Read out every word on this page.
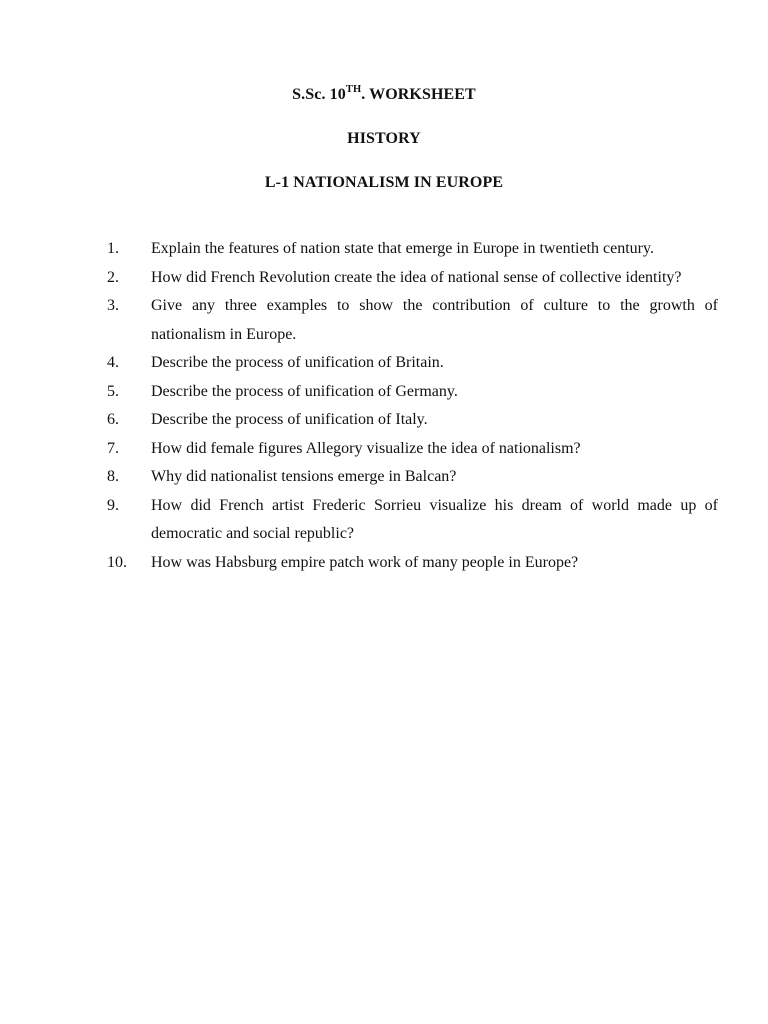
S.Sc. 10TH. WORKSHEET
HISTORY
L-1 NATIONALISM IN EUROPE
1.	Explain the features of nation state that emerge in Europe in twentieth century.
2.	How did French Revolution create the idea of national sense of collective identity?
3.	Give any three examples to show the contribution of culture to the growth of nationalism in Europe.
4.	Describe the process of unification of Britain.
5.	Describe the process of unification of Germany.
6.	Describe the process of unification of Italy.
7.	How did female figures Allegory visualize the idea of nationalism?
8.	Why did nationalist tensions emerge in Balcan?
9.	How did French artist Frederic Sorrieu visualize his dream of world made up of democratic and social republic?
10.	How was Habsburg empire patch work of many people in Europe?
